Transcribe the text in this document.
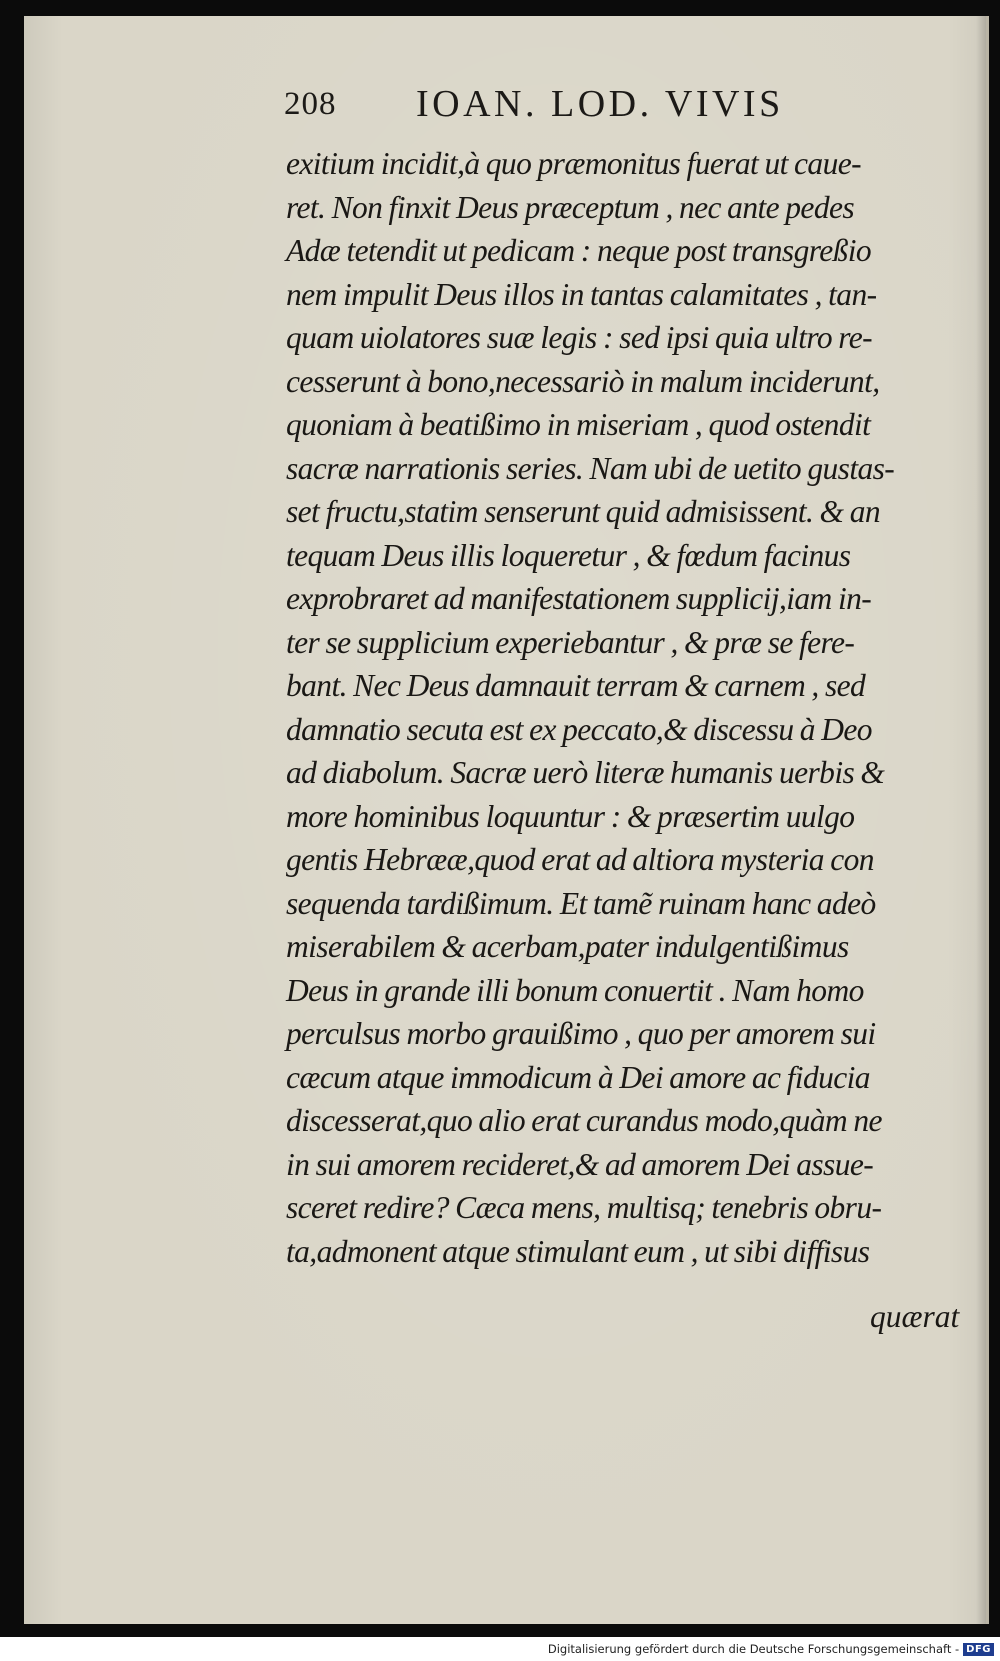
208 IOAN. LOD. VIVIS
exitium incidit,à quo præmonitus fuerat ut caue-
ret. Non finxit Deus præceptum , nec ante pedes
Adæ tetendit ut pedicam : neque post transgreßio
nem impulit Deus illos in tantas calamitates , tan-
quam uiolatores suæ legis : sed ipsi quia ultro re-
cesserunt à bono,necessariò in malum inciderunt,
quoniam à beatißimo in miseriam , quod ostendit
sacræ narrationis series. Nam ubi de uetito gustas-
set fructu,statim senserunt quid admisissent. & an
tequam Deus illis loqueretur , & fœdum facinus
exprobraret ad manifestationem supplicij,iam in-
ter se supplicium experiebantur , & præ se fere-
bant. Nec Deus damnauit terram & carnem , sed
damnatio secuta est ex peccato,& discessu à Deo
ad diabolum. Sacræ uerò literæ humanis uerbis &
more hominibus loquuntur : & præsertim uulgo
gentis Hebrææ,quod erat ad altiora mysteria con
sequenda tardißimum. Et tamẽ ruinam hanc adeò
miserabilem & acerbam,pater indulgentißimus
Deus in grande illi bonum conuertit . Nam homo
perculsus morbo grauißimo , quo per amorem sui
cæcum atque immodicum à Dei amore ac fiducia
discesserat,quo alio erat curandus modo,quàm ne
in sui amorem recideret,& ad amorem Dei assue-
sceret redire? Cæca mens, multisq; tenebris obru-
ta,admonent atque stimulant eum , ut sibi diffisus
quærat
Digitalisierung gefördert durch die Deutsche Forschungsgemeinschaft - DFG
